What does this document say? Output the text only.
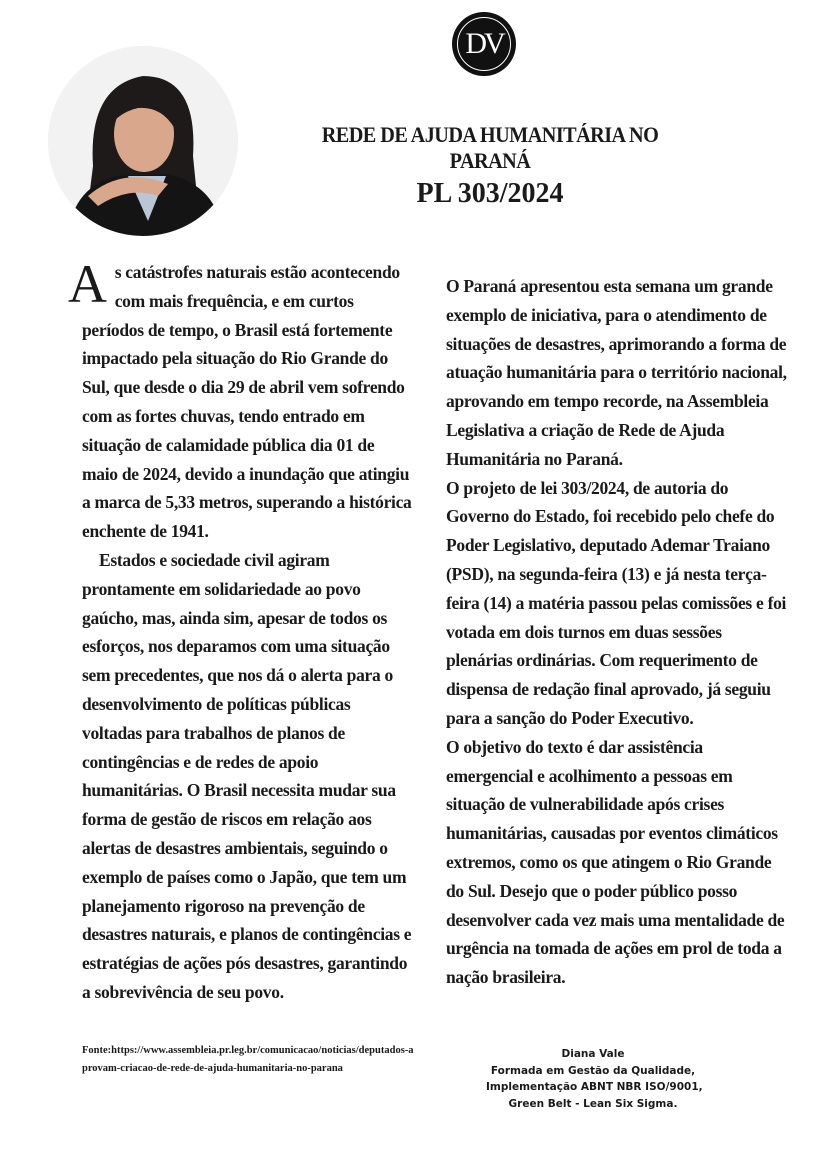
DV
REDE DE AJUDA HUMANITÁRIA NO PARANÁ
PL 303/2024

As catástrofes naturais estão acontecendo com mais frequência, e em curtos períodos de tempo, o Brasil está fortemente impactado pela situação do Rio Grande do Sul, que desde o dia 29 de abril vem sofrendo com as fortes chuvas, tendo entrado em situação de calamidade pública dia 01 de maio de 2024, devido a inundação que atingiu a marca de 5,33 metros, superando a histórica enchente de 1941.

Estados e sociedade civil agiram prontamente em solidariedade ao povo gaúcho, mas, ainda sim, apesar de todos os esforços, nos deparamos com uma situação sem precedentes, que nos dá o alerta para o desenvolvimento de políticas públicas voltadas para trabalhos de planos de contingências e de redes de apoio humanitárias. O Brasil necessita mudar sua forma de gestão de riscos em relação aos alertas de desastres ambientais, seguindo o exemplo de países como o Japão, que tem um planejamento rigoroso na prevenção de desastres naturais, e planos de contingências e estratégias de ações pós desastres, garantindo a sobrevivência de seu povo.

O Paraná apresentou esta semana um grande exemplo de iniciativa, para o atendimento de situações de desastres, aprimorando a forma de atuação humanitária para o território nacional, aprovando em tempo recorde, na Assembleia Legislativa a criação de Rede de Ajuda Humanitária no Paraná.

O projeto de lei 303/2024, de autoria do Governo do Estado, foi recebido pelo chefe do Poder Legislativo, deputado Ademar Traiano (PSD), na segunda-feira (13) e já nesta terça-feira (14) a matéria passou pelas comissões e foi votada em dois turnos em duas sessões plenárias ordinárias. Com requerimento de dispensa de redação final aprovado, já seguiu para a sanção do Poder Executivo.

O objetivo do texto é dar assistência emergencial e acolhimento a pessoas em situação de vulnerabilidade após crises humanitárias, causadas por eventos climáticos extremos, como os que atingem o Rio Grande do Sul. Desejo que o poder público posso desenvolver cada vez mais uma mentalidade de urgência na tomada de ações em prol de toda a nação brasileira.

Fonte:https://www.assembleia.pr.leg.br/comunicacao/noticias/deputados-aprovam-criacao-de-rede-de-ajuda-humanitaria-no-parana
Diana Vale
Formada em Gestão da Qualidade,
Implementação ABNT NBR ISO/9001,
Green Belt - Lean Six Sigma.
